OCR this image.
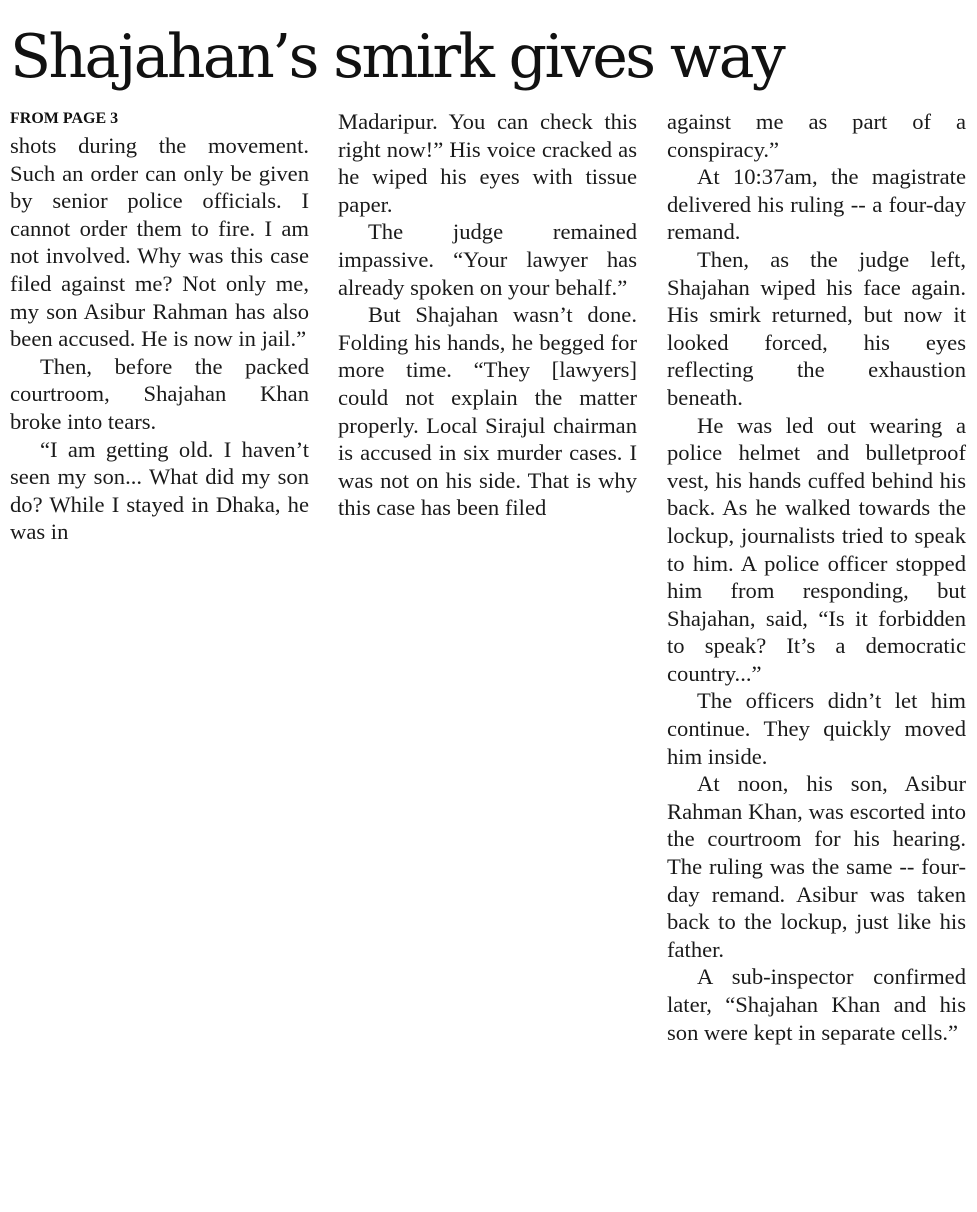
Shajahan’s smirk gives way
FROM PAGE 3

shots during the movement. Such an order can only be given by senior police officials. I cannot order them to fire. I am not involved. Why was this case filed against me? Not only me, my son Asibur Rahman has also been accused. He is now in jail.”

Then, before the packed courtroom, Shajahan Khan broke into tears.

“I am getting old. I haven’t seen my son... What did my son do? While I stayed in Dhaka, he was in

Madaripur. You can check this right now!” His voice cracked as he wiped his eyes with tissue paper.

The judge remained impassive. “Your lawyer has already spoken on your behalf.”

But Shajahan wasn’t done. Folding his hands, he begged for more time. “They [lawyers] could not explain the matter properly. Local Sirajul chairman is accused in six murder cases. I was not on his side. That is why this case has been filed

against me as part of a conspiracy.”

At 10:37am, the magistrate delivered his ruling -- a four-day remand.

Then, as the judge left, Shajahan wiped his face again. His smirk returned, but now it looked forced, his eyes reflecting the exhaustion beneath.

He was led out wearing a police helmet and bulletproof vest, his hands cuffed behind his back. As he walked towards the lockup, journalists tried to speak to him. A police officer stopped him from responding, but Shajahan, said, “Is it forbidden to speak? It’s a democratic country...”

The officers didn’t let him continue. They quickly moved him inside.

At noon, his son, Asibur Rahman Khan, was escorted into the courtroom for his hearing. The ruling was the same -- four-day remand. Asibur was taken back to the lockup, just like his father.

A sub-inspector confirmed later, “Shajahan Khan and his son were kept in separate cells.”
